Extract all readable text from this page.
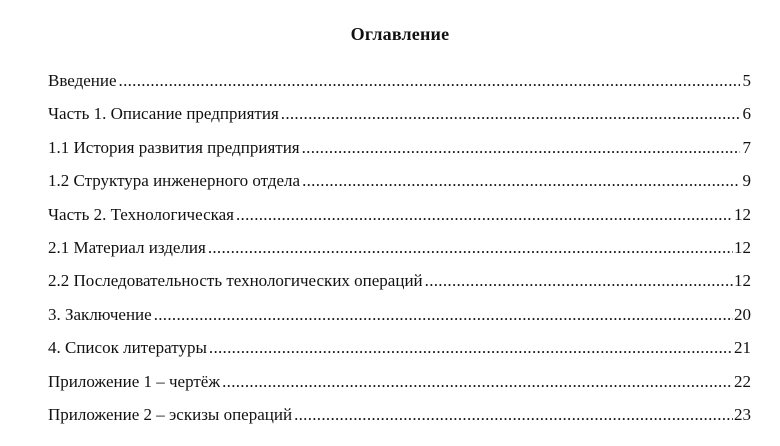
Оглавление
Введение .....	5
Часть 1. Описание предприятия .....	6
1.1 История развития предприятия .....	7
1.2 Структура инженерного отдела .....	9
Часть 2. Технологическая .....	12
2.1 Материал изделия .....	12
2.2 Последовательность технологических операций .....	12
3. Заключение .....	20
4. Список литературы .....	21
Приложение 1 – чертёж .....	22
Приложение 2 – эскизы операций .....	23
